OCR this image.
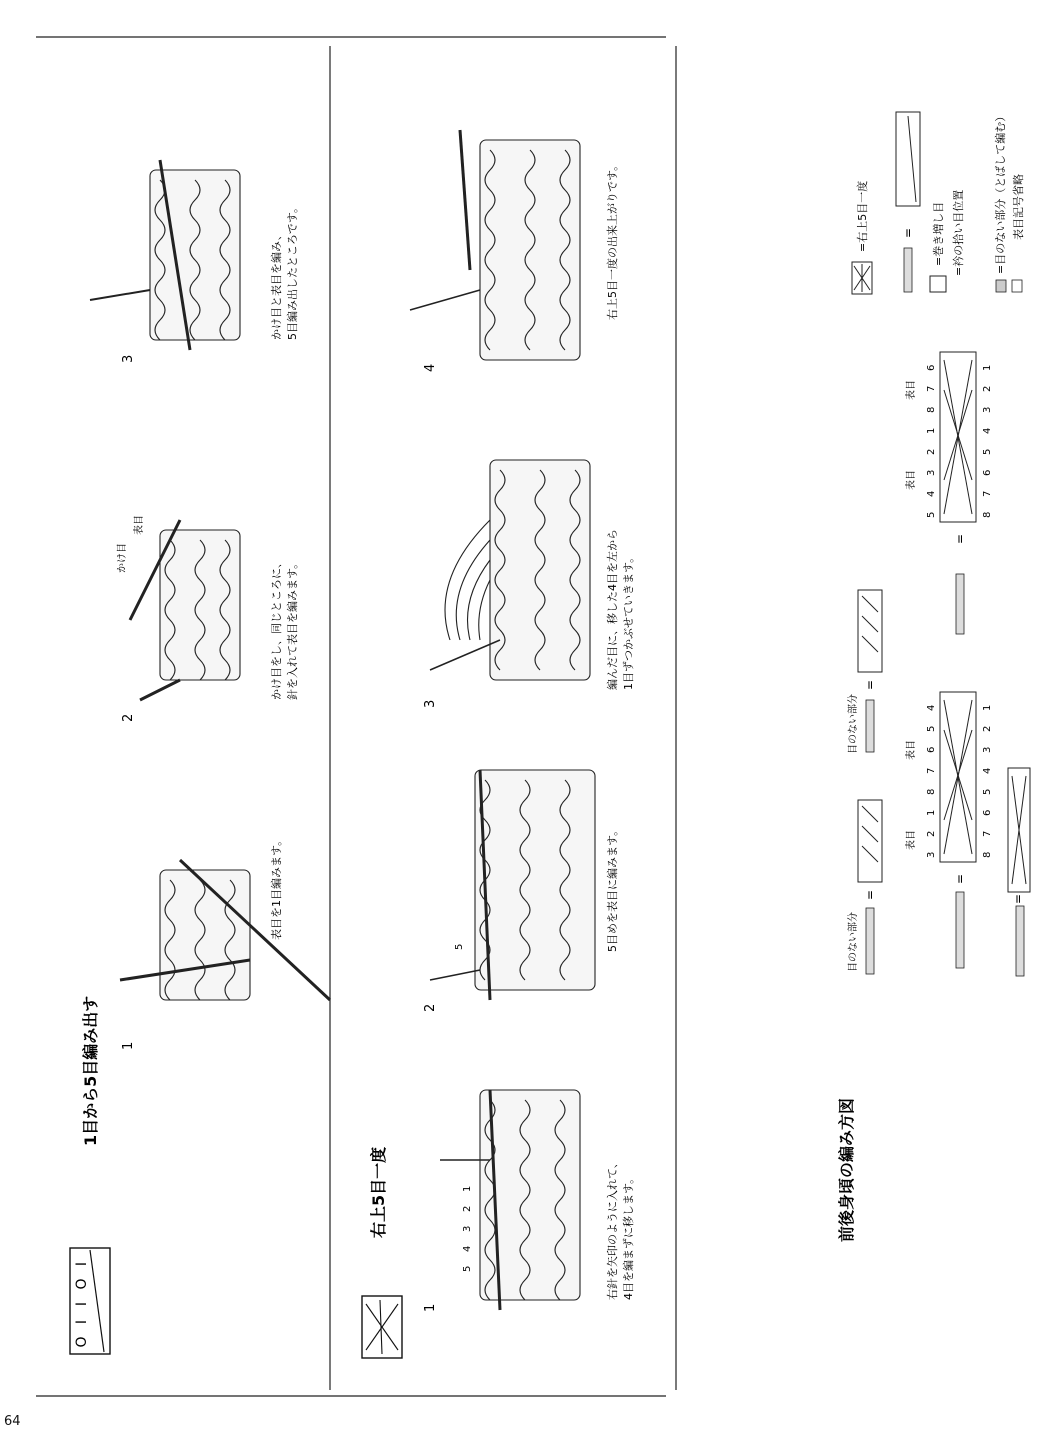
I
O
I
O
I
1目から5目編み出す 1
2
3
表目を1目編みます。
かけ目
表目
かけ目をし、同じところに、 針を入れて表目を編みます。
かけ目と表目を編み、 5目編み出したところです。
右上5目一度
1
2
3
4
5
4
3
2
1	右針を矢印のように入れて、 4目を編まずに移します。
5	5目めを表目に編みます。
編んだ目に、移した4目を左から 1目ずつかぶせていきます。
右上5目一度の出来上がりです。
前後身頃の編み方図
目のない部分
目のない部分
=
=
=
=
=
表目
表目
3
2
1
8
7
6
5
4
8
7
6
5
4
3
2
1
表目
表目
5
4
3
2
1
8
7
6
8
7
6
5
4
3
2
1
=右上5目一度	= =巻き増し目 =衿の拾い目位置	=目のない部分（とばして編む） 表目記号省略
64
